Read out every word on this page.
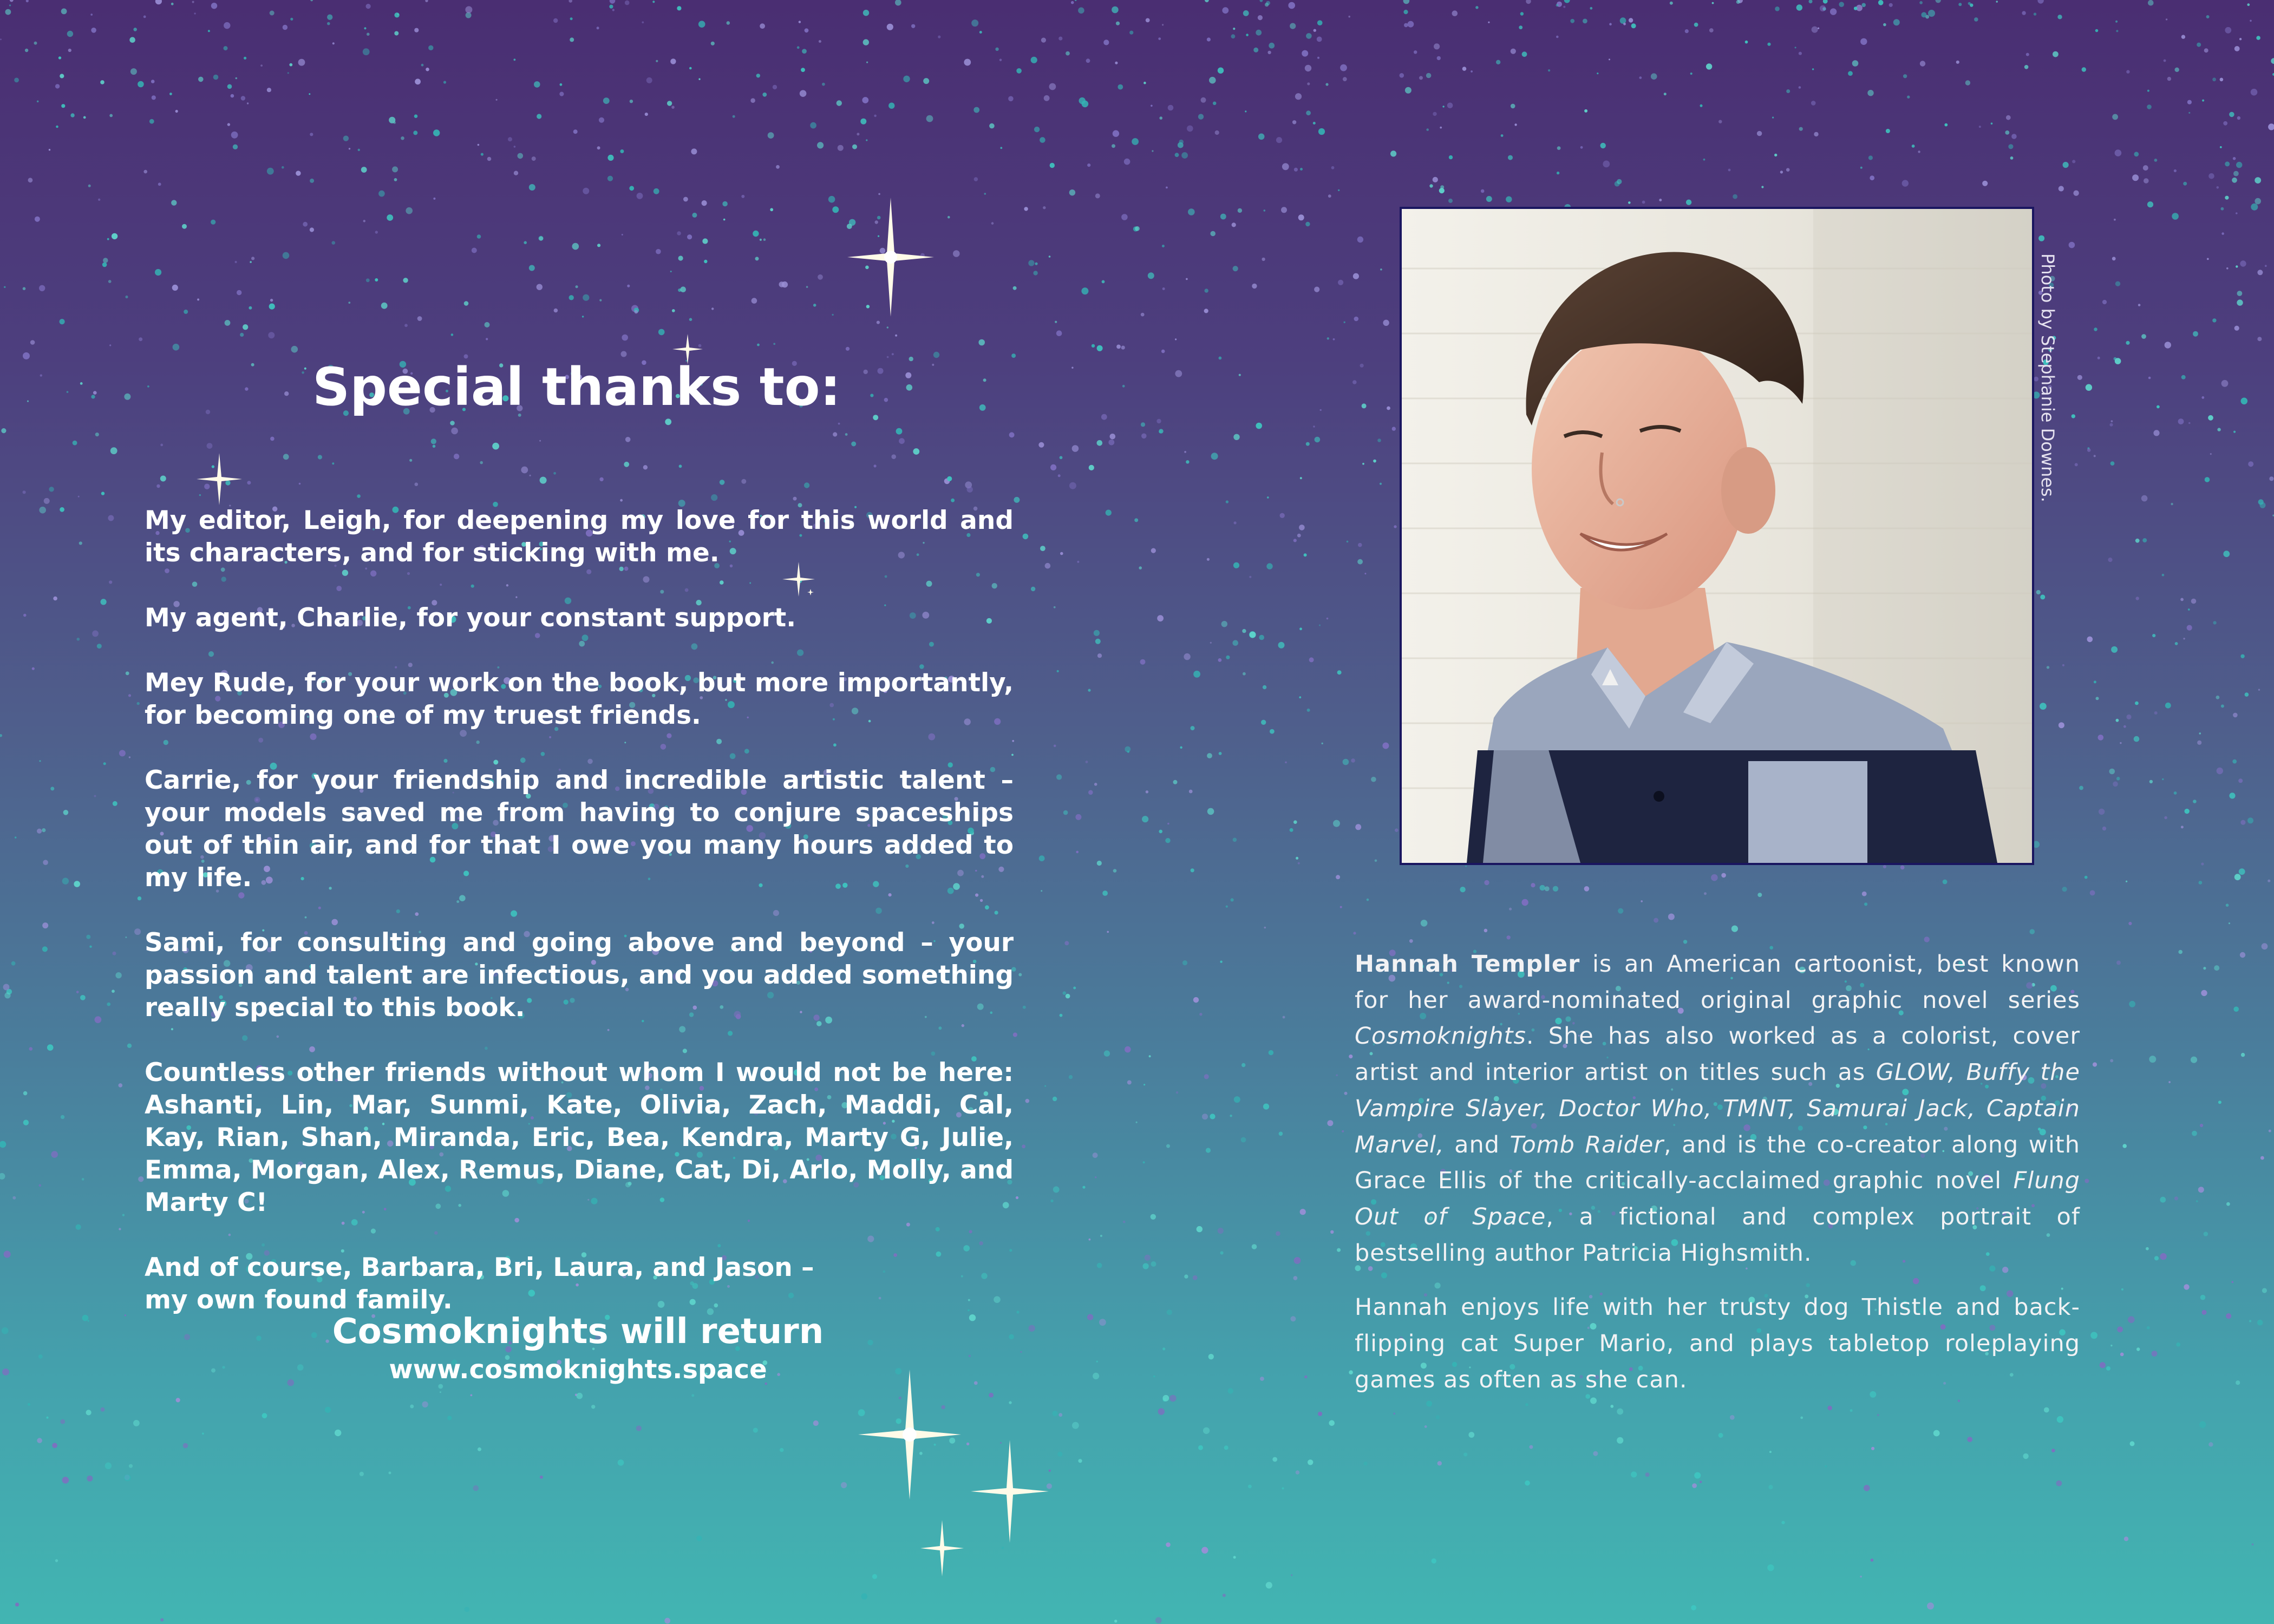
Special thanks to:
My editor, Leigh, for deepening my love for this world and its characters, and for sticking with me.
My agent, Charlie, for your constant support.
Mey Rude, for your work on the book, but more importantly, for becoming one of my truest friends.
Carrie, for your friendship and incredible artistic talent – your models saved me from having to conjure spaceships out of thin air, and for that I owe you many hours added to my life.
Sami, for consulting and going above and beyond – your passion and talent are infectious, and you added something really special to this book.
Countless other friends without whom I would not be here: Ashanti, Lin, Mar, Sunmi, Kate, Olivia, Zach, Maddi, Cal, Kay, Rian, Shan, Miranda, Eric, Bea, Kendra, Marty G, Julie, Emma, Morgan, Alex, Remus, Diane, Cat, Di, Arlo, Molly, and Marty C!
And of course, Barbara, Bri, Laura, and Jason –
my own found family.

Cosmoknights will return

www.cosmoknights.space

Photo by Stephanie Downes.

Hannah Templer is an American cartoonist, best known for her award-nominated original graphic novel series Cosmoknights. She has also worked as a colorist, cover artist and interior artist on titles such as GLOW, Buffy the Vampire Slayer, Doctor Who, TMNT, Samurai Jack, Captain Marvel, and Tomb Raider, and is the co-creator along with Grace Ellis of the critically-acclaimed graphic novel Flung Out of Space, a fictional and complex portrait of bestselling author Patricia Highsmith.

Hannah enjoys life with her trusty dog Thistle and back-flipping cat Super Mario, and plays tabletop roleplaying games as often as she can.
